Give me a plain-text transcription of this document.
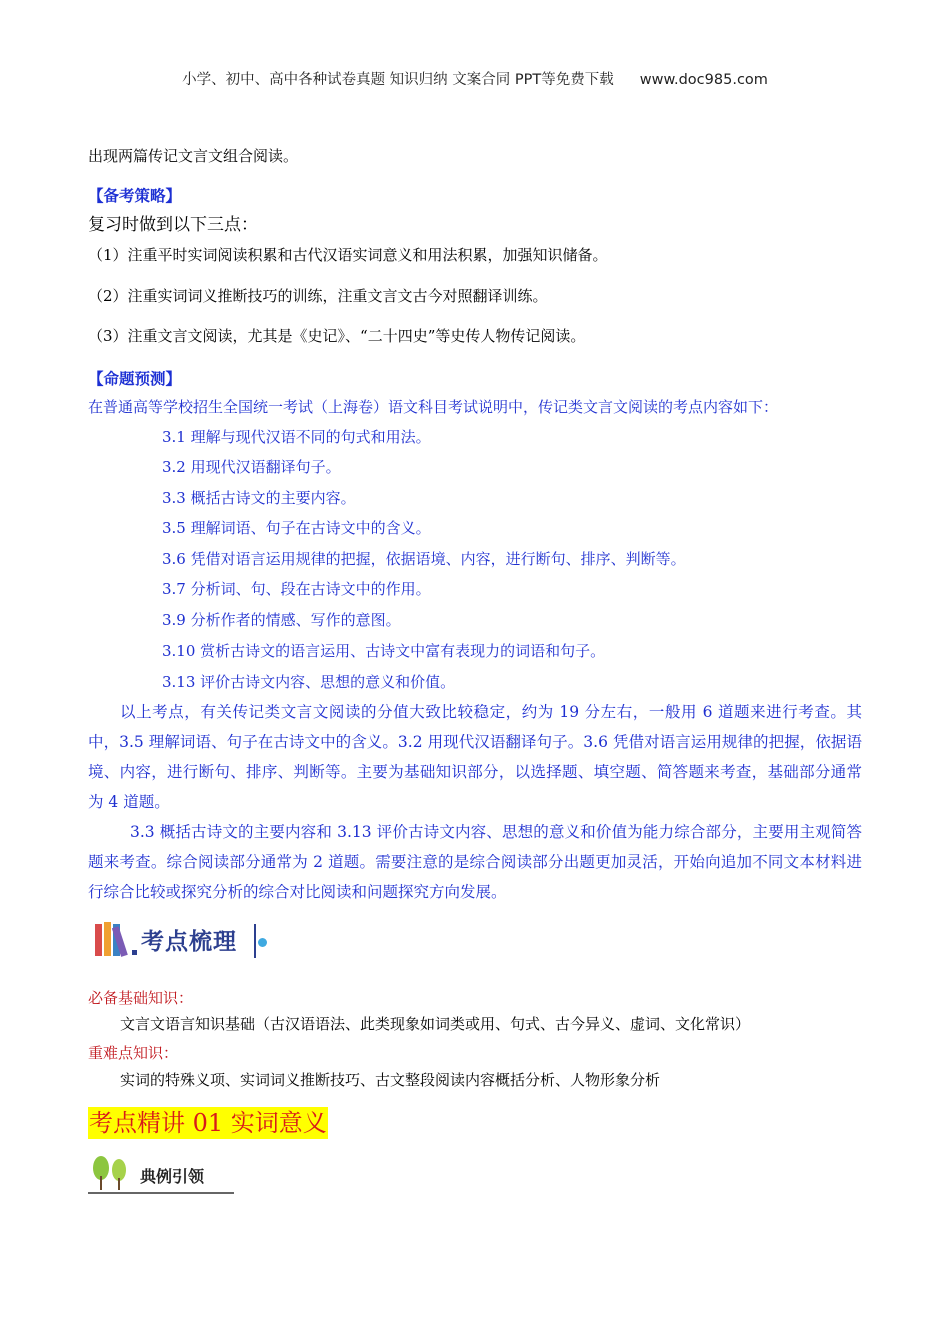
小学、初中、高中各种试卷真题 知识归纳 文案合同 PPT等免费下载 www.doc985.com
出现两篇传记文言文组合阅读。
【备考策略】
复习时做到以下三点：
（1）注重平时实词阅读积累和古代汉语实词意义和用法积累，加强知识储备。
（2）注重实词词义推断技巧的训练，注重文言文古今对照翻译训练。
（3）注重文言文阅读，尤其是《史记》、“二十四史”等史传人物传记阅读。
【命题预测】
在普通高等学校招生全国统一考试（上海卷）语文科目考试说明中，传记类文言文阅读的考点内容如下：
3.1 理解与现代汉语不同的句式和用法。
3.2 用现代汉语翻译句子。
3.3 概括古诗文的主要内容。
3.5 理解词语、句子在古诗文中的含义。
3.6 凭借对语言运用规律的把握，依据语境、内容，进行断句、排序、判断等。
3.7 分析词、句、段在古诗文中的作用。
3.9 分析作者的情感、写作的意图。
3.10 赏析古诗文的语言运用、古诗文中富有表现力的词语和句子。
3.13 评价古诗文内容、思想的意义和价值。
以上考点，有关传记类文言文阅读的分值大致比较稳定，约为 19 分左右，一般用 6 道题来进行考查。其中，3.5 理解词语、句子在古诗文中的含义。3.2 用现代汉语翻译句子。3.6 凭借对语言运用规律的把握，依据语境、内容，进行断句、排序、判断等。主要为基础知识部分，以选择题、填空题、简答题来考查，基础部分通常为 4 道题。
3.3 概括古诗文的主要内容和 3.13 评价古诗文内容、思想的意义和价值为能力综合部分，主要用主观简答题来考查。综合阅读部分通常为 2 道题。需要注意的是综合阅读部分出题更加灵活，开始向追加不同文本材料进行综合比较或探究分析的综合对比阅读和问题探究方向发展。
考点梳理
必备基础知识：
文言文语言知识基础（古汉语语法、此类现象如词类或用、句式、古今异义、虚词、文化常识）
重难点知识：
实词的特殊义项、实词词义推断技巧、古文整段阅读内容概括分析、人物形象分析
考点精讲 01 实词意义
典例引领
